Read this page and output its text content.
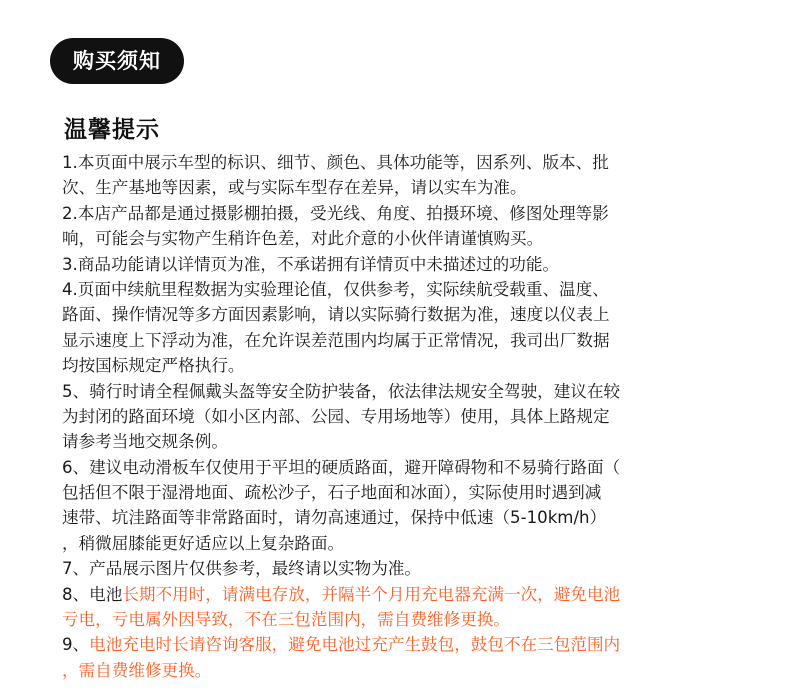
购买须知
温馨提示
1.本页面中展示车型的标识、细节、颜色、具体功能等，因系列、版本、批
次、生产基地等因素，或与实际车型存在差异，请以实车为准。
2.本店产品都是通过摄影棚拍摄，受光线、角度、拍摄环境、修图处理等影
响，可能会与实物产生稍许色差，对此介意的小伙伴请谨慎购买。
3.商品功能请以详情页为准，不承诺拥有详情页中未描述过的功能。
4.页面中续航里程数据为实验理论值，仅供参考，实际续航受载重、温度、
路面、操作情况等多方面因素影响，请以实际骑行数据为准，速度以仪表上
显示速度上下浮动为准，在允许误差范围内均属于正常情况，我司出厂数据
均按国标规定严格执行。
5、骑行时请全程佩戴头盔等安全防护装备，依法律法规安全驾驶，建议在较
为封闭的路面环境（如小区内部、公园、专用场地等）使用，具体上路规定
请参考当地交规条例。
6、建议电动滑板车仅使用于平坦的硬质路面，避开障碍物和不易骑行路面（
包括但不限于湿滑地面、疏松沙子，石子地面和冰面），实际使用时遇到减
速带、坑洼路面等非常路面时，请勿高速通过，保持中低速（5-10km/h）
，稍微屈膝能更好适应以上复杂路面。
7、产品展示图片仅供参考，最终请以实物为准。
8、电池长期不用时，请满电存放，并隔半个月用充电器充满一次，避免电池
亏电，亏电属外因导致，不在三包范围内，需自费维修更换。
9、电池充电时长请咨询客服，避免电池过充产生鼓包，鼓包不在三包范围内
，需自费维修更换。
